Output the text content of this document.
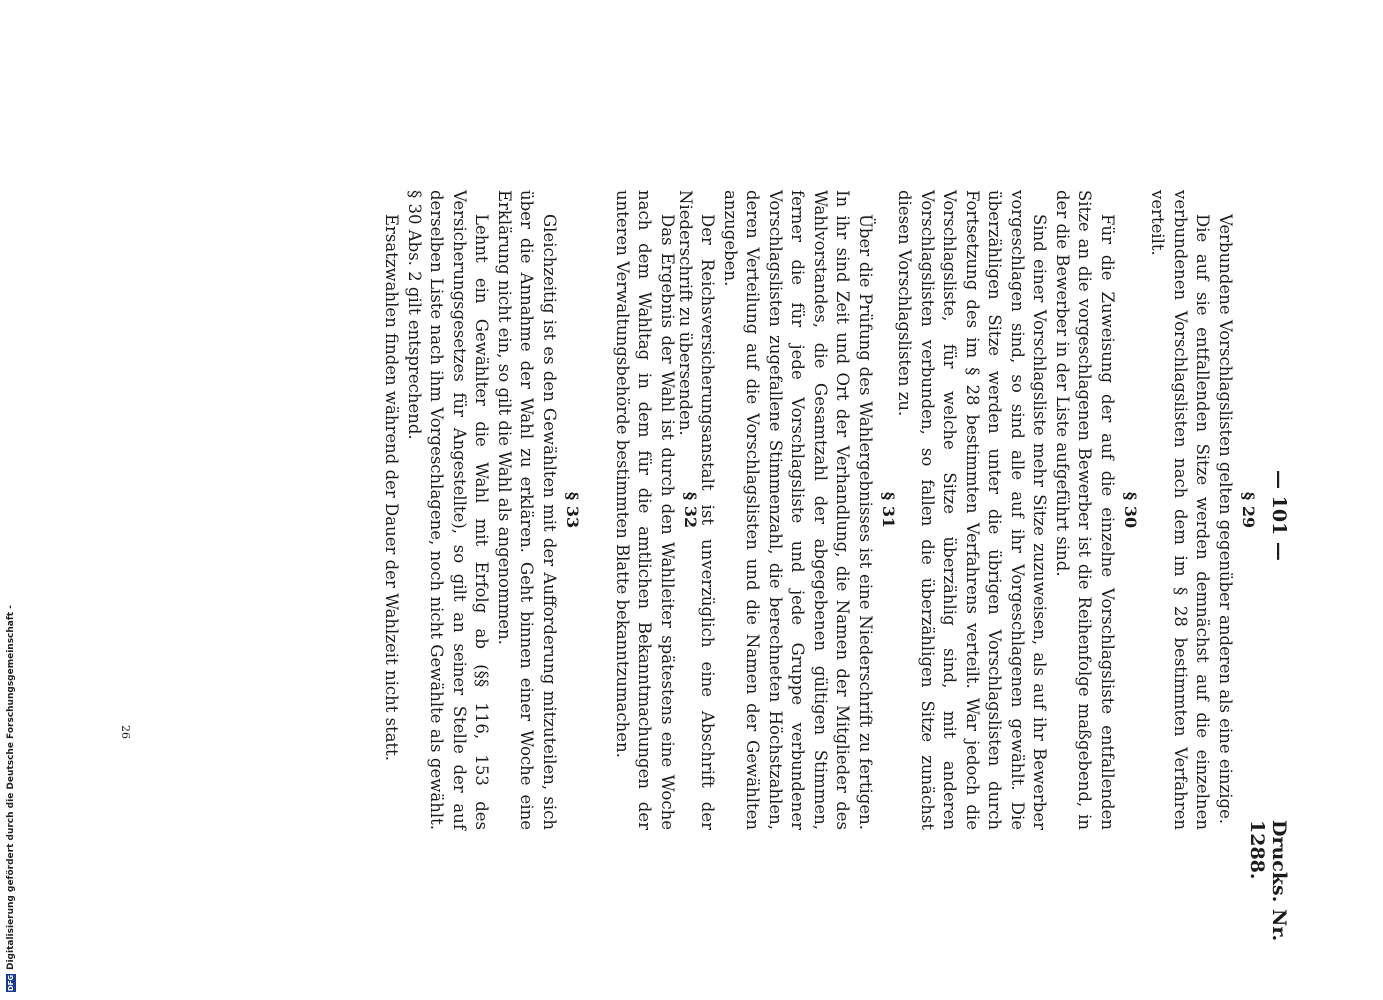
— 101 —
Drucks. Nr. 1288.
§ 29

Verbundene Vorschlagslisten gelten gegenüber anderen als eine einzige.

Die auf sie entfallenden Sitze werden demnächst auf die einzelnen verbundenen Vorschlagslisten nach dem im § 28 bestimmten Verfahren verteilt.

§ 30

Für die Zuweisung der auf die einzelne Vorschlagsliste entfallenden Sitze an die vorgeschlagenen Bewerber ist die Reihenfolge maßgebend, in der die Bewerber in der Liste aufgeführt sind.

Sind einer Vorschlagsliste mehr Sitze zuzuweisen, als auf ihr Bewerber vorgeschlagen sind, so sind alle auf ihr Vorgeschlagenen gewählt. Die überzähligen Sitze werden unter die übrigen Vorschlagslisten durch Fortsetzung des im § 28 bestimmten Verfahrens verteilt. War jedoch die Vorschlagsliste, für welche Sitze überzählig sind, mit anderen Vorschlagslisten verbunden, so fallen die überzähligen Sitze zunächst diesen Vorschlagslisten zu.

§ 31

Über die Prüfung des Wahlergebnisses ist eine Niederschrift zu fertigen. In ihr sind Zeit und Ort der Verhandlung, die Namen der Mitglieder des Wahlvorstandes, die Gesamtzahl der abgegebenen gültigen Stimmen, ferner die für jede Vorschlagsliste und jede Gruppe verbundener Vorschlagslisten zugefallene Stimmenzahl, die berechneten Höchstzahlen, deren Verteilung auf die Vorschlagslisten und die Namen der Gewählten anzugeben.

Der Reichsversicherungsanstalt ist unverzüglich eine Abschrift der Niederschrift zu übersenden.

§ 32

Das Ergebnis der Wahl ist durch den Wahlleiter spätestens eine Woche nach dem Wahltag in dem für die amtlichen Bekanntmachungen der unteren Verwaltungsbehörde bestimmten Blatte bekanntzumachen.

§ 33

Gleichzeitig ist es den Gewählten mit der Aufforderung mitzuteilen, sich über die Annahme der Wahl zu erklären. Geht binnen einer Woche eine Erklärung nicht ein, so gilt die Wahl als angenommen.

Lehnt ein Gewählter die Wahl mit Erfolg ab (§§ 116, 153 des Versicherungsgesetzes für Angestellte), so gilt an seiner Stelle der auf derselben Liste nach ihm Vorgeschlagene, noch nicht Gewählte als gewählt. § 30 Abs. 2 gilt entsprechend.

Ersatzwahlen finden während der Dauer der Wahlzeit nicht statt.

26
DFG
Digitalisierung gefördert durch die Deutsche Forschungsgemeinschaft -
